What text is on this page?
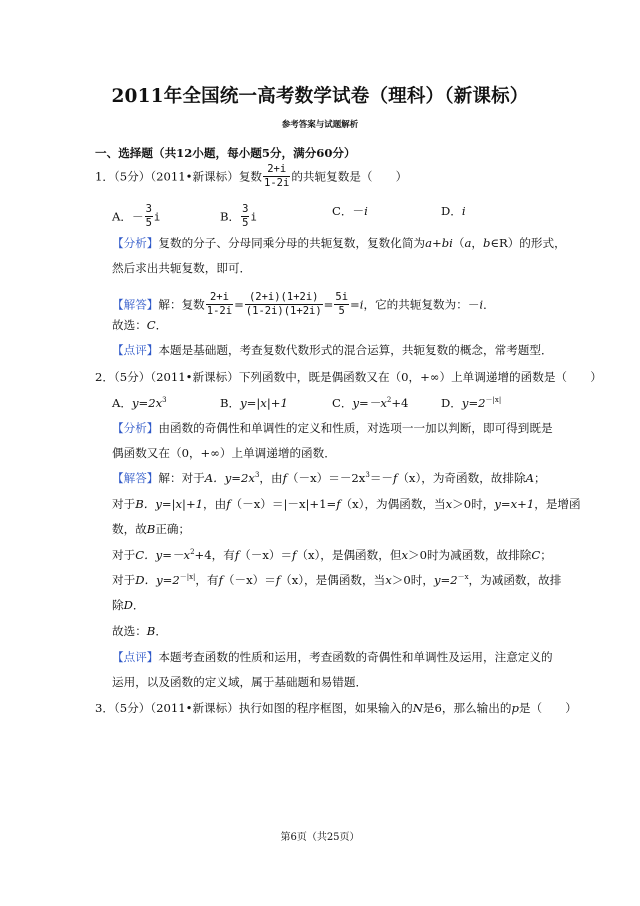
2011年全国统一高考数学试卷（理科）（新课标）
参考答案与试题解析
一、选择题（共12小题，每小题5分，满分60分）
1．（5分）（2011•新课标）复数 $\frac{2+i}{1-2i}$ 的共轭复数是（　　）
A．－ $\frac{3}{5}$ i	B． $\frac{3}{5}$ i	C．－i	D．i
【分析】复数的分子、分母同乘分母的共轭复数，复数化简为a+bi（a，b∈R）的形式，
然后求出共轭复数，即可．
【解答】解：复数 $\frac{2+i}{1-2i} = \frac{(2+i)(1+2i)}{(1-2i)(1+2i)} = \frac{5i}{5} =i$，它的共轭复数为：－i．
故选：C．
【点评】本题是基础题，考查复数代数形式的混合运算，共轭复数的概念，常考题型．
2．（5分）（2011•新课标）下列函数中，既是偶函数又在（0，+∞）上单调递增的函数是（　　）
A．$y=2x^3$	B．y=|x|+1	C．$y=-x^2+4$	D．$y=2^{-|x|}$
【分析】由函数的奇偶性和单调性的定义和性质，对选项一一加以判断，即可得到既是
偶函数又在（0，+∞）上单调递增的函数．
【解答】解：对于A．$y=2x^3$，由$f(-x)=-2x^3=-f(x)$，为奇函数，故排除A；
对于B．y=|x|+1，由f（－x）＝|－x|+1=f（x），为偶函数，当x＞0时，y=x+1，是增函
数，故B正确；
对于C．$y=-x^2+4$，有f（－x）＝f（x），是偶函数，但x＞0时为减函数，故排除C；
对于D．$y=2^{-|x|}$，有f（－x）＝f（x），是偶函数，当x＞0时，$y=2^{-x}$，为减函数，故排
除D．
故选：B．
【点评】本题考查函数的性质和运用，考查函数的奇偶性和单调性及运用，注意定义的
运用，以及函数的定义域，属于基础题和易错题．
3．（5分）（2011•新课标）执行如图的程序框图，如果输入的N是6，那么输出的p是（　　）
第6页（共25页）
